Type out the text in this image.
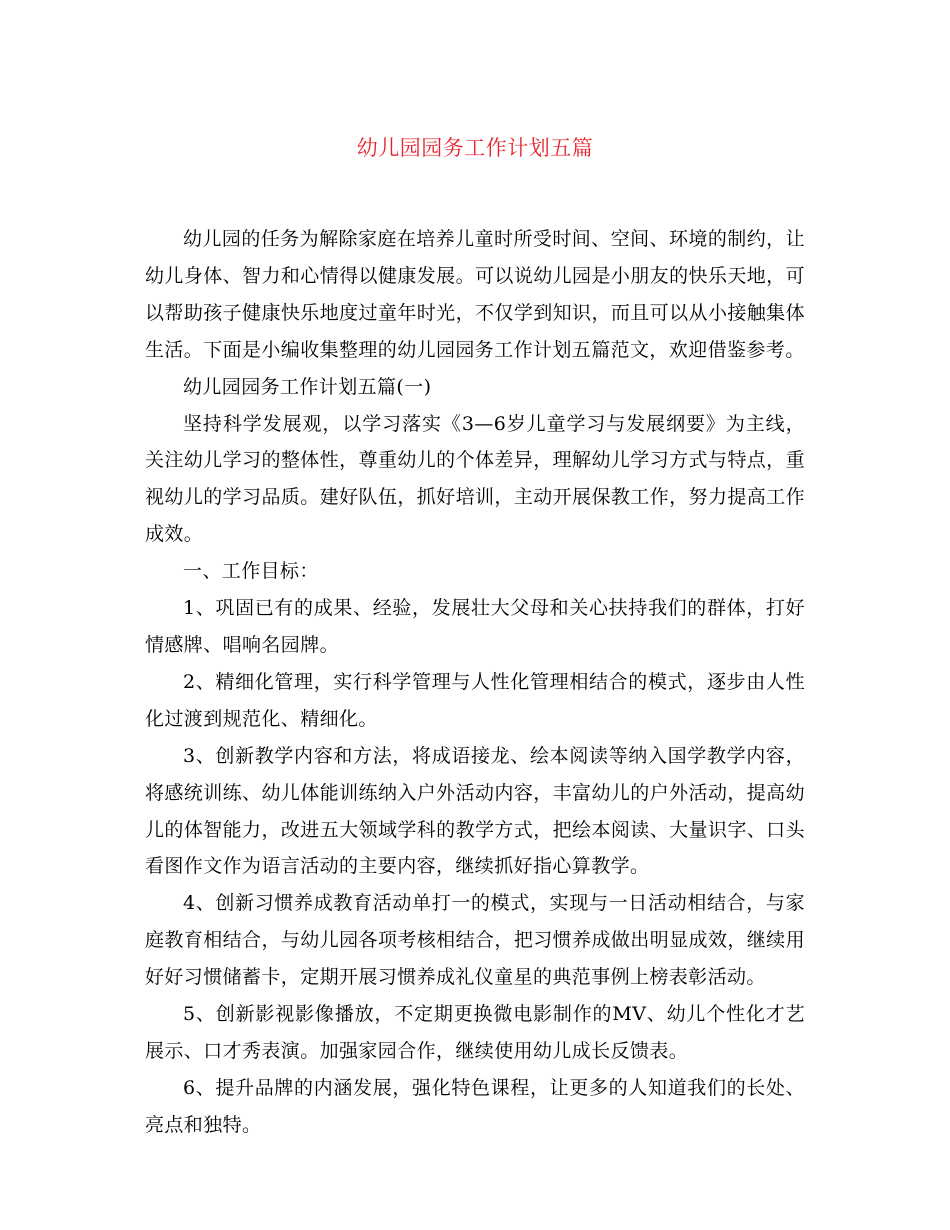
幼儿园园务工作计划五篇

幼儿园的任务为解除家庭在培养儿童时所受时间、空间、环境的制约，让幼儿身体、智力和心情得以健康发展。可以说幼儿园是小朋友的快乐天地，可以帮助孩子健康快乐地度过童年时光，不仅学到知识，而且可以从小接触集体生活。下面是小编收集整理的幼儿园园务工作计划五篇范文，欢迎借鉴参考。

幼儿园园务工作计划五篇(一)

坚持科学发展观，以学习落实《3—6岁儿童学习与发展纲要》为主线，关注幼儿学习的整体性，尊重幼儿的个体差异，理解幼儿学习方式与特点，重视幼儿的学习品质。建好队伍，抓好培训，主动开展保教工作，努力提高工作成效。

一、工作目标：

1、巩固已有的成果、经验，发展壮大父母和关心扶持我们的群体，打好情感牌、唱响名园牌。

2、精细化管理，实行科学管理与人性化管理相结合的模式，逐步由人性化过渡到规范化、精细化。

3、创新教学内容和方法，将成语接龙、绘本阅读等纳入国学教学内容，将感统训练、幼儿体能训练纳入户外活动内容，丰富幼儿的户外活动，提高幼儿的体智能力，改进五大领域学科的教学方式，把绘本阅读、大量识字、口头看图作文作为语言活动的主要内容，继续抓好指心算教学。

4、创新习惯养成教育活动单打一的模式，实现与一日活动相结合，与家庭教育相结合，与幼儿园各项考核相结合，把习惯养成做出明显成效，继续用好好习惯储蓄卡，定期开展习惯养成礼仪童星的典范事例上榜表彰活动。

5、创新影视影像播放，不定期更换微电影制作的MV、幼儿个性化才艺展示、口才秀表演。加强家园合作，继续使用幼儿成长反馈表。

6、提升品牌的内涵发展，强化特色课程，让更多的人知道我们的长处、亮点和独特。
